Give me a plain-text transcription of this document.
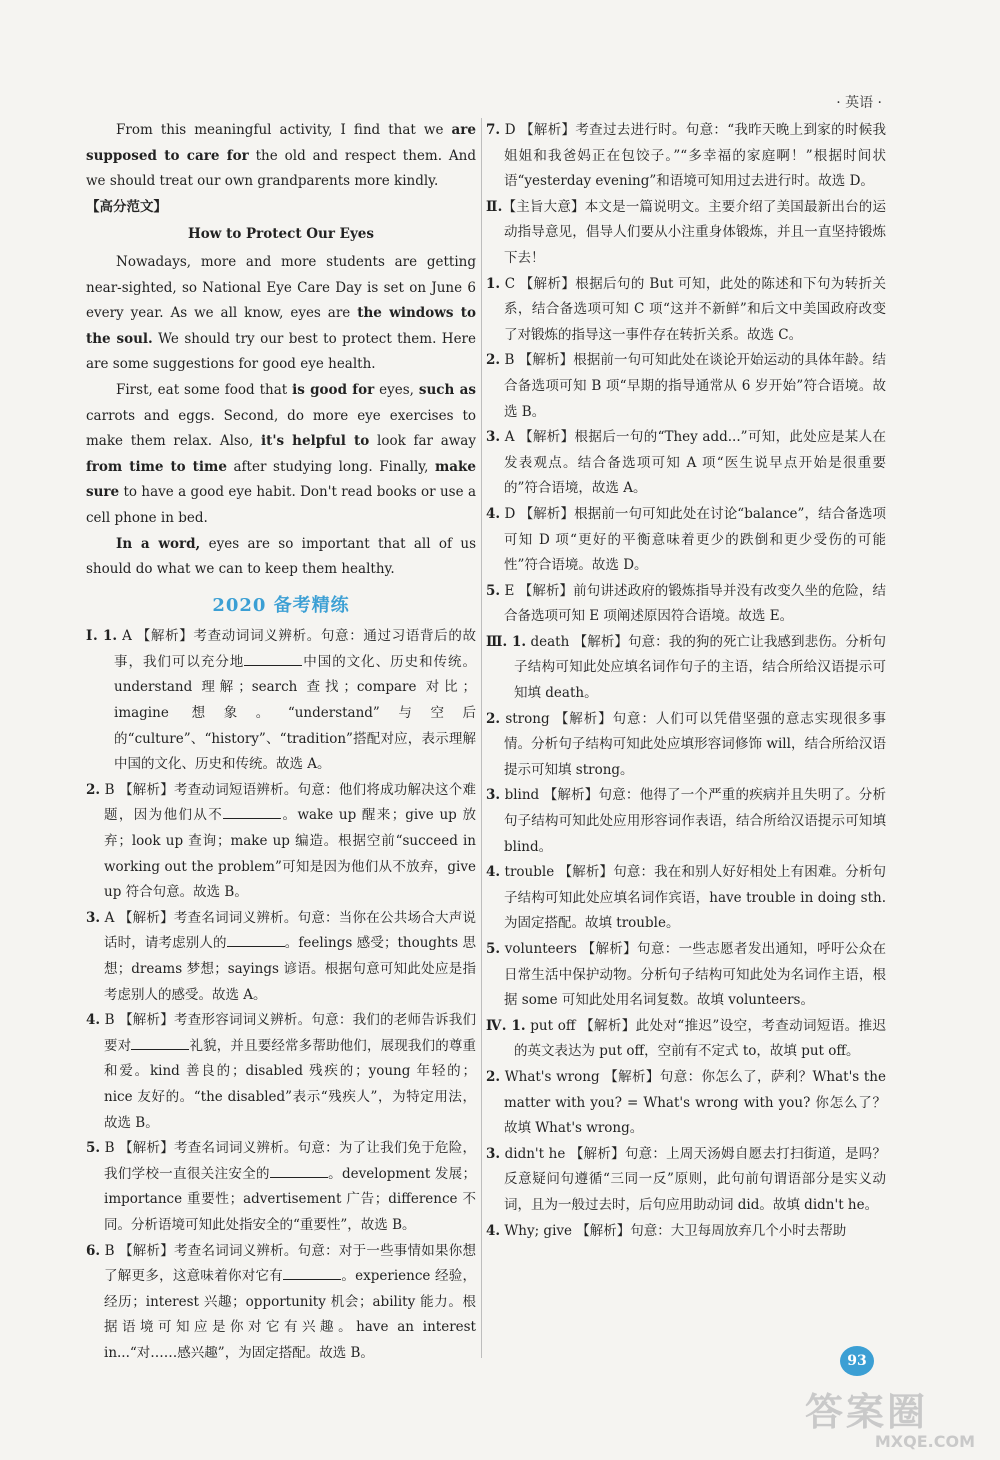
· 英语 ·

From this meaningful activity, I find that we are supposed to care for the old and respect them. And we should treat our own grandparents more kindly.

【高分范文】

How to Protect Our Eyes

Nowadays, more and more students are getting near-sighted, so National Eye Care Day is set on June 6 every year. As we all know, eyes are the windows to the soul. We should try our best to protect them. Here are some suggestions for good eye health.

First, eat some food that is good for eyes, such as carrots and eggs. Second, do more eye exercises to make them relax. Also, it's helpful to look far away from time to time after studying long. Finally, make sure to have a good eye habit. Don't read books or use a cell phone in bed.

In a word, eyes are so important that all of us should do what we can to keep them healthy.

2020 备考精练

Ⅰ. 1. A 【解析】考查动词词义辨析。句意：通过习语背后的故事，我们可以充分地	中国的文化、历史和传统。understand 理解；search 查找；compare 对比；imagine 想象。“understand”与空后的“culture”、“history”、“tradition”搭配对应，表示理解中国的文化、历史和传统。故选 A。

2. B 【解析】考查动词短语辨析。句意：他们将成功解决这个难题，因为他们从不	。wake up 醒来；give up 放弃；look up 查询；make up 编造。根据空前“succeed in working out the problem”可知是因为他们从不放弃，give up 符合句意。故选 B。

3. A 【解析】考查名词词义辨析。句意：当你在公共场合大声说话时，请考虑别人的	。feelings 感受；thoughts 思想；dreams 梦想；sayings 谚语。根据句意可知此处应是指考虑别人的感受。故选 A。

4. B 【解析】考查形容词词义辨析。句意：我们的老师告诉我们要对	礼貌，并且要经常多帮助他们，展现我们的尊重和爱。kind 善良的；disabled 残疾的；young 年轻的；nice 友好的。“the disabled”表示“残疾人”，为特定用法，故选 B。

5. B 【解析】考查名词词义辨析。句意：为了让我们免于危险，我们学校一直很关注安全的	。development 发展；importance 重要性；advertisement 广告；difference 不同。分析语境可知此处指安全的“重要性”，故选 B。

6. B 【解析】考查名词词义辨析。句意：对于一些事情如果你想了解更多，这意味着你对它有	。experience 经验，经历；interest 兴趣；opportunity 机会；ability 能力。根据语境可知应是你对它有兴趣。have an interest in...“对……感兴趣”，为固定搭配。故选 B。

7. D 【解析】考查过去进行时。句意：“我昨天晚上到家的时候我姐姐和我爸妈正在包饺子。”“多幸福的家庭啊！”根据时间状语“yesterday evening”和语境可知用过去进行时。故选 D。

Ⅱ.【主旨大意】本文是一篇说明文。主要介绍了美国最新出台的运动指导意见，倡导人们要从小注重身体锻炼，并且一直坚持锻炼下去！

1. C 【解析】根据后句的 But 可知，此处的陈述和下句为转折关系，结合备选项可知 C 项“这并不新鲜”和后文中美国政府改变了对锻炼的指导这一事件存在转折关系。故选 C。

2. B 【解析】根据前一句可知此处在谈论开始运动的具体年龄。结合备选项可知 B 项“早期的指导通常从 6 岁开始”符合语境。故选 B。

3. A 【解析】根据后一句的“They add...”可知，此处应是某人在发表观点。结合备选项可知 A 项“医生说早点开始是很重要的”符合语境，故选 A。

4. D 【解析】根据前一句可知此处在讨论“balance”，结合备选项可知 D 项“更好的平衡意味着更少的跌倒和更少受伤的可能性”符合语境。故选 D。

5. E 【解析】前句讲述政府的锻炼指导并没有改变久坐的危险，结合备选项可知 E 项阐述原因符合语境。故选 E。

Ⅲ. 1. death 【解析】句意：我的狗的死亡让我感到悲伤。分析句子结构可知此处应填名词作句子的主语，结合所给汉语提示可知填 death。

2. strong 【解析】句意：人们可以凭借坚强的意志实现很多事情。分析句子结构可知此处应填形容词修饰 will，结合所给汉语提示可知填 strong。

3. blind 【解析】句意：他得了一个严重的疾病并且失明了。分析句子结构可知此处应用形容词作表语，结合所给汉语提示可知填 blind。

4. trouble 【解析】句意：我在和别人好好相处上有困难。分析句子结构可知此处应填名词作宾语，have trouble in doing sth. 为固定搭配。故填 trouble。

5. volunteers 【解析】句意：一些志愿者发出通知，呼吁公众在日常生活中保护动物。分析句子结构可知此处为名词作主语，根据 some 可知此处用名词复数。故填 volunteers。

Ⅳ. 1. put off 【解析】此处对“推迟”设空，考查动词短语。推迟的英文表达为 put off，空前有不定式 to，故填 put off。

2. What's wrong 【解析】句意：你怎么了，萨利？What's the matter with you? = What's wrong with you? 你怎么了？故填 What's wrong。

3. didn't he 【解析】句意：上周天汤姆自愿去打扫街道，是吗？反意疑问句遵循“三同一反”原则，此句前句谓语部分是实义动词，且为一般过去时，后句应用助动词 did。故填 didn't he。

4. Why; give 【解析】句意：大卫每周放弃几个小时去帮助

93
答案圈
MXQE.COM
